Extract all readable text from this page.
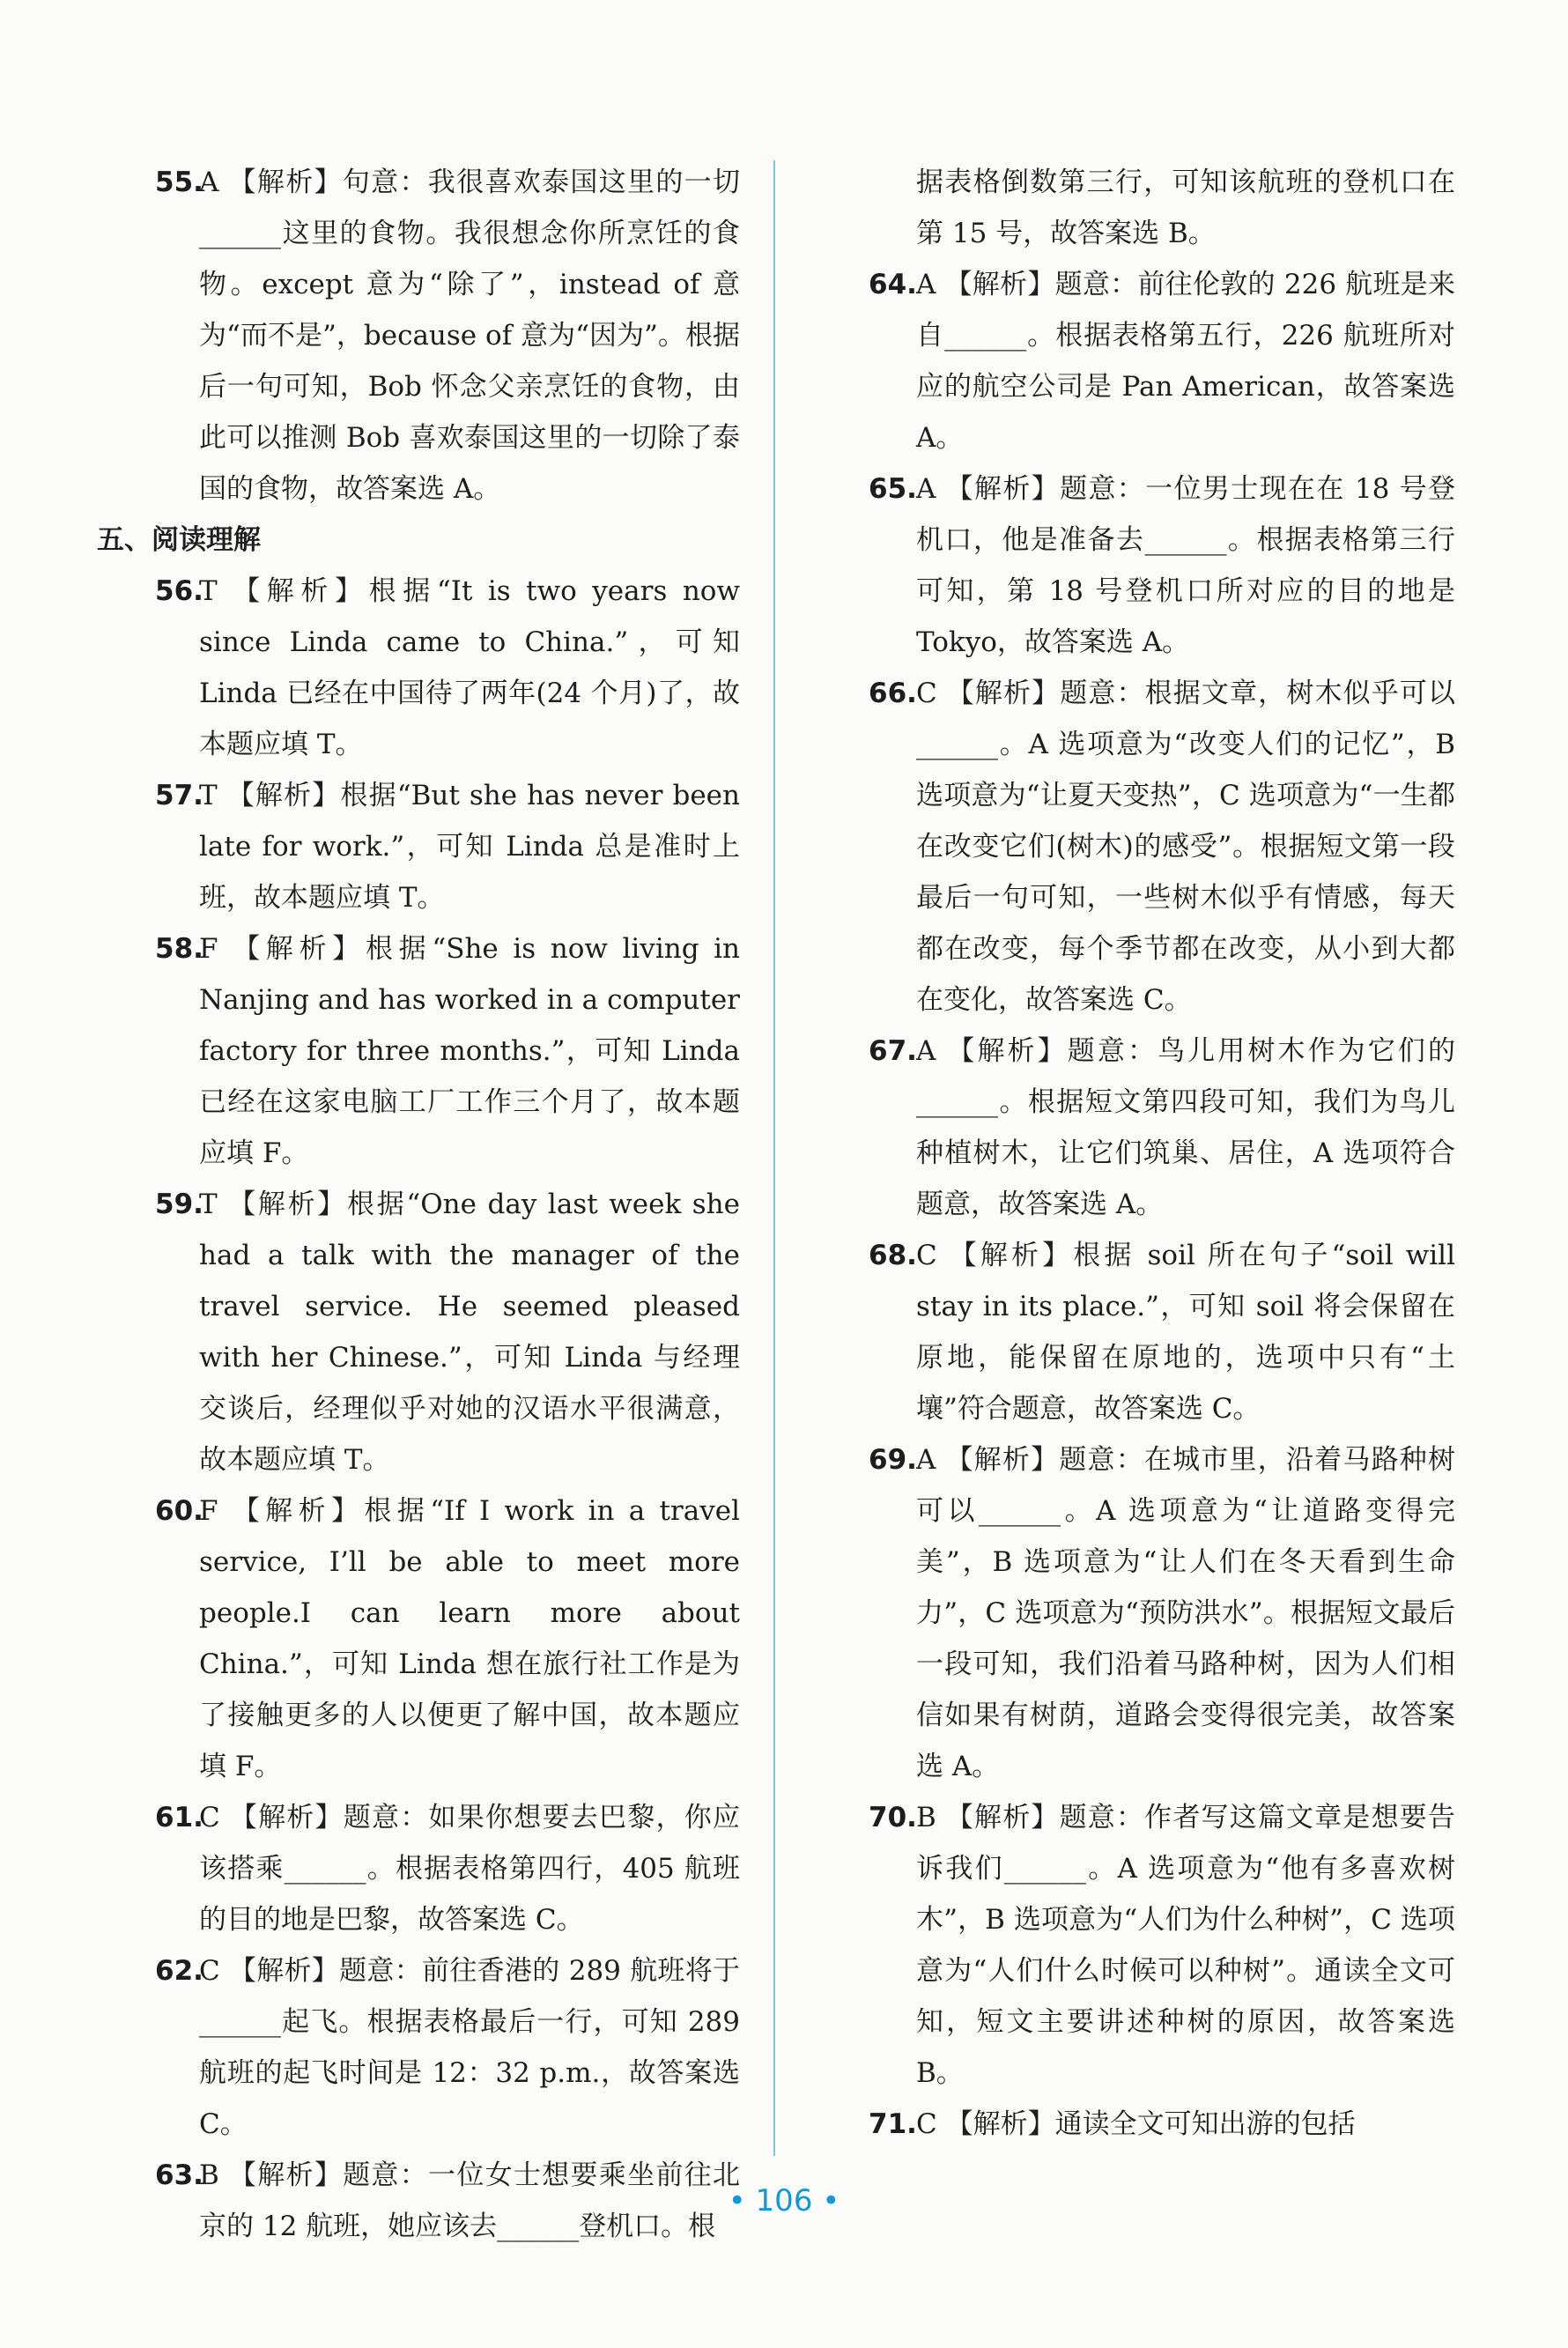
55.
A 【解析】句意：我很喜欢泰国这里的一切______这里的食物。我很想念你所烹饪的食物。except 意为“除了”，instead of 意为“而不是”，because of 意为“因为”。根据后一句可知，Bob 怀念父亲烹饪的食物，由此可以推测 Bob 喜欢泰国这里的一切除了泰国的食物，故答案选 A。
五、阅读理解
56.
T 【解析】根据“It is two years now since Linda came to China.”，可知 Linda 已经在中国待了两年(24 个月)了，故本题应填 T。
57.
T 【解析】根据“But she has never been late for work.”，可知 Linda 总是准时上班，故本题应填 T。
58.
F 【解析】根据“She is now living in Nanjing and has worked in a computer factory for three months.”，可知 Linda 已经在这家电脑工厂工作三个月了，故本题应填 F。
59.
T 【解析】根据“One day last week she had a talk with the manager of the travel service. He seemed pleased with her Chinese.”，可知 Linda 与经理交谈后，经理似乎对她的汉语水平很满意，故本题应填 T。
60.
F 【解析】根据“If I work in a travel service, I’ll be able to meet more people.I can learn more about China.”，可知 Linda 想在旅行社工作是为了接触更多的人以便更了解中国，故本题应填 F。
61.
C 【解析】题意：如果你想要去巴黎，你应该搭乘______。根据表格第四行，405 航班的目的地是巴黎，故答案选 C。
62.
C 【解析】题意：前往香港的 289 航班将于______起飞。根据表格最后一行，可知 289 航班的起飞时间是 12：32 p.m.，故答案选 C。
63.
B 【解析】题意：一位女士想要乘坐前往北京的 12 航班，她应该去______登机口。根
据表格倒数第三行，可知该航班的登机口在第 15 号，故答案选 B。
64. A 【解析】题意：前往伦敦的 226 航班是来自______。根据表格第五行，226 航班所对应的航空公司是 Pan American，故答案选 A。
65. A 【解析】题意：一位男士现在在 18 号登机口，他是准备去______。根据表格第三行可知，第 18 号登机口所对应的目的地是 Tokyo，故答案选 A。
66. C 【解析】题意：根据文章，树木似乎可以______。A 选项意为“改变人们的记忆”，B 选项意为“让夏天变热”，C 选项意为“一生都在改变它们(树木)的感受”。根据短文第一段最后一句可知，一些树木似乎有情感，每天都在改变，每个季节都在改变，从小到大都在变化，故答案选 C。
67. A 【解析】题意：鸟儿用树木作为它们的______。根据短文第四段可知，我们为鸟儿种植树木，让它们筑巢、居住，A 选项符合题意，故答案选 A。
68. C 【解析】根据 soil 所在句子“soil will stay in its place.”，可知 soil 将会保留在原地，能保留在原地的，选项中只有“土壤”符合题意，故答案选 C。
69. A 【解析】题意：在城市里，沿着马路种树可以______。A 选项意为“让道路变得完美”，B 选项意为“让人们在冬天看到生命力”，C 选项意为“预防洪水”。根据短文最后一段可知，我们沿着马路种树，因为人们相信如果有树荫，道路会变得很完美，故答案选 A。
70. B 【解析】题意：作者写这篇文章是想要告诉我们______。A 选项意为“他有多喜欢树木”，B 选项意为“人们为什么种树”，C 选项意为“人们什么时候可以种树”。通读全文可知，短文主要讲述种树的原因，故答案选 B。
71. C 【解析】通读全文可知出游的包括
• 106 •
